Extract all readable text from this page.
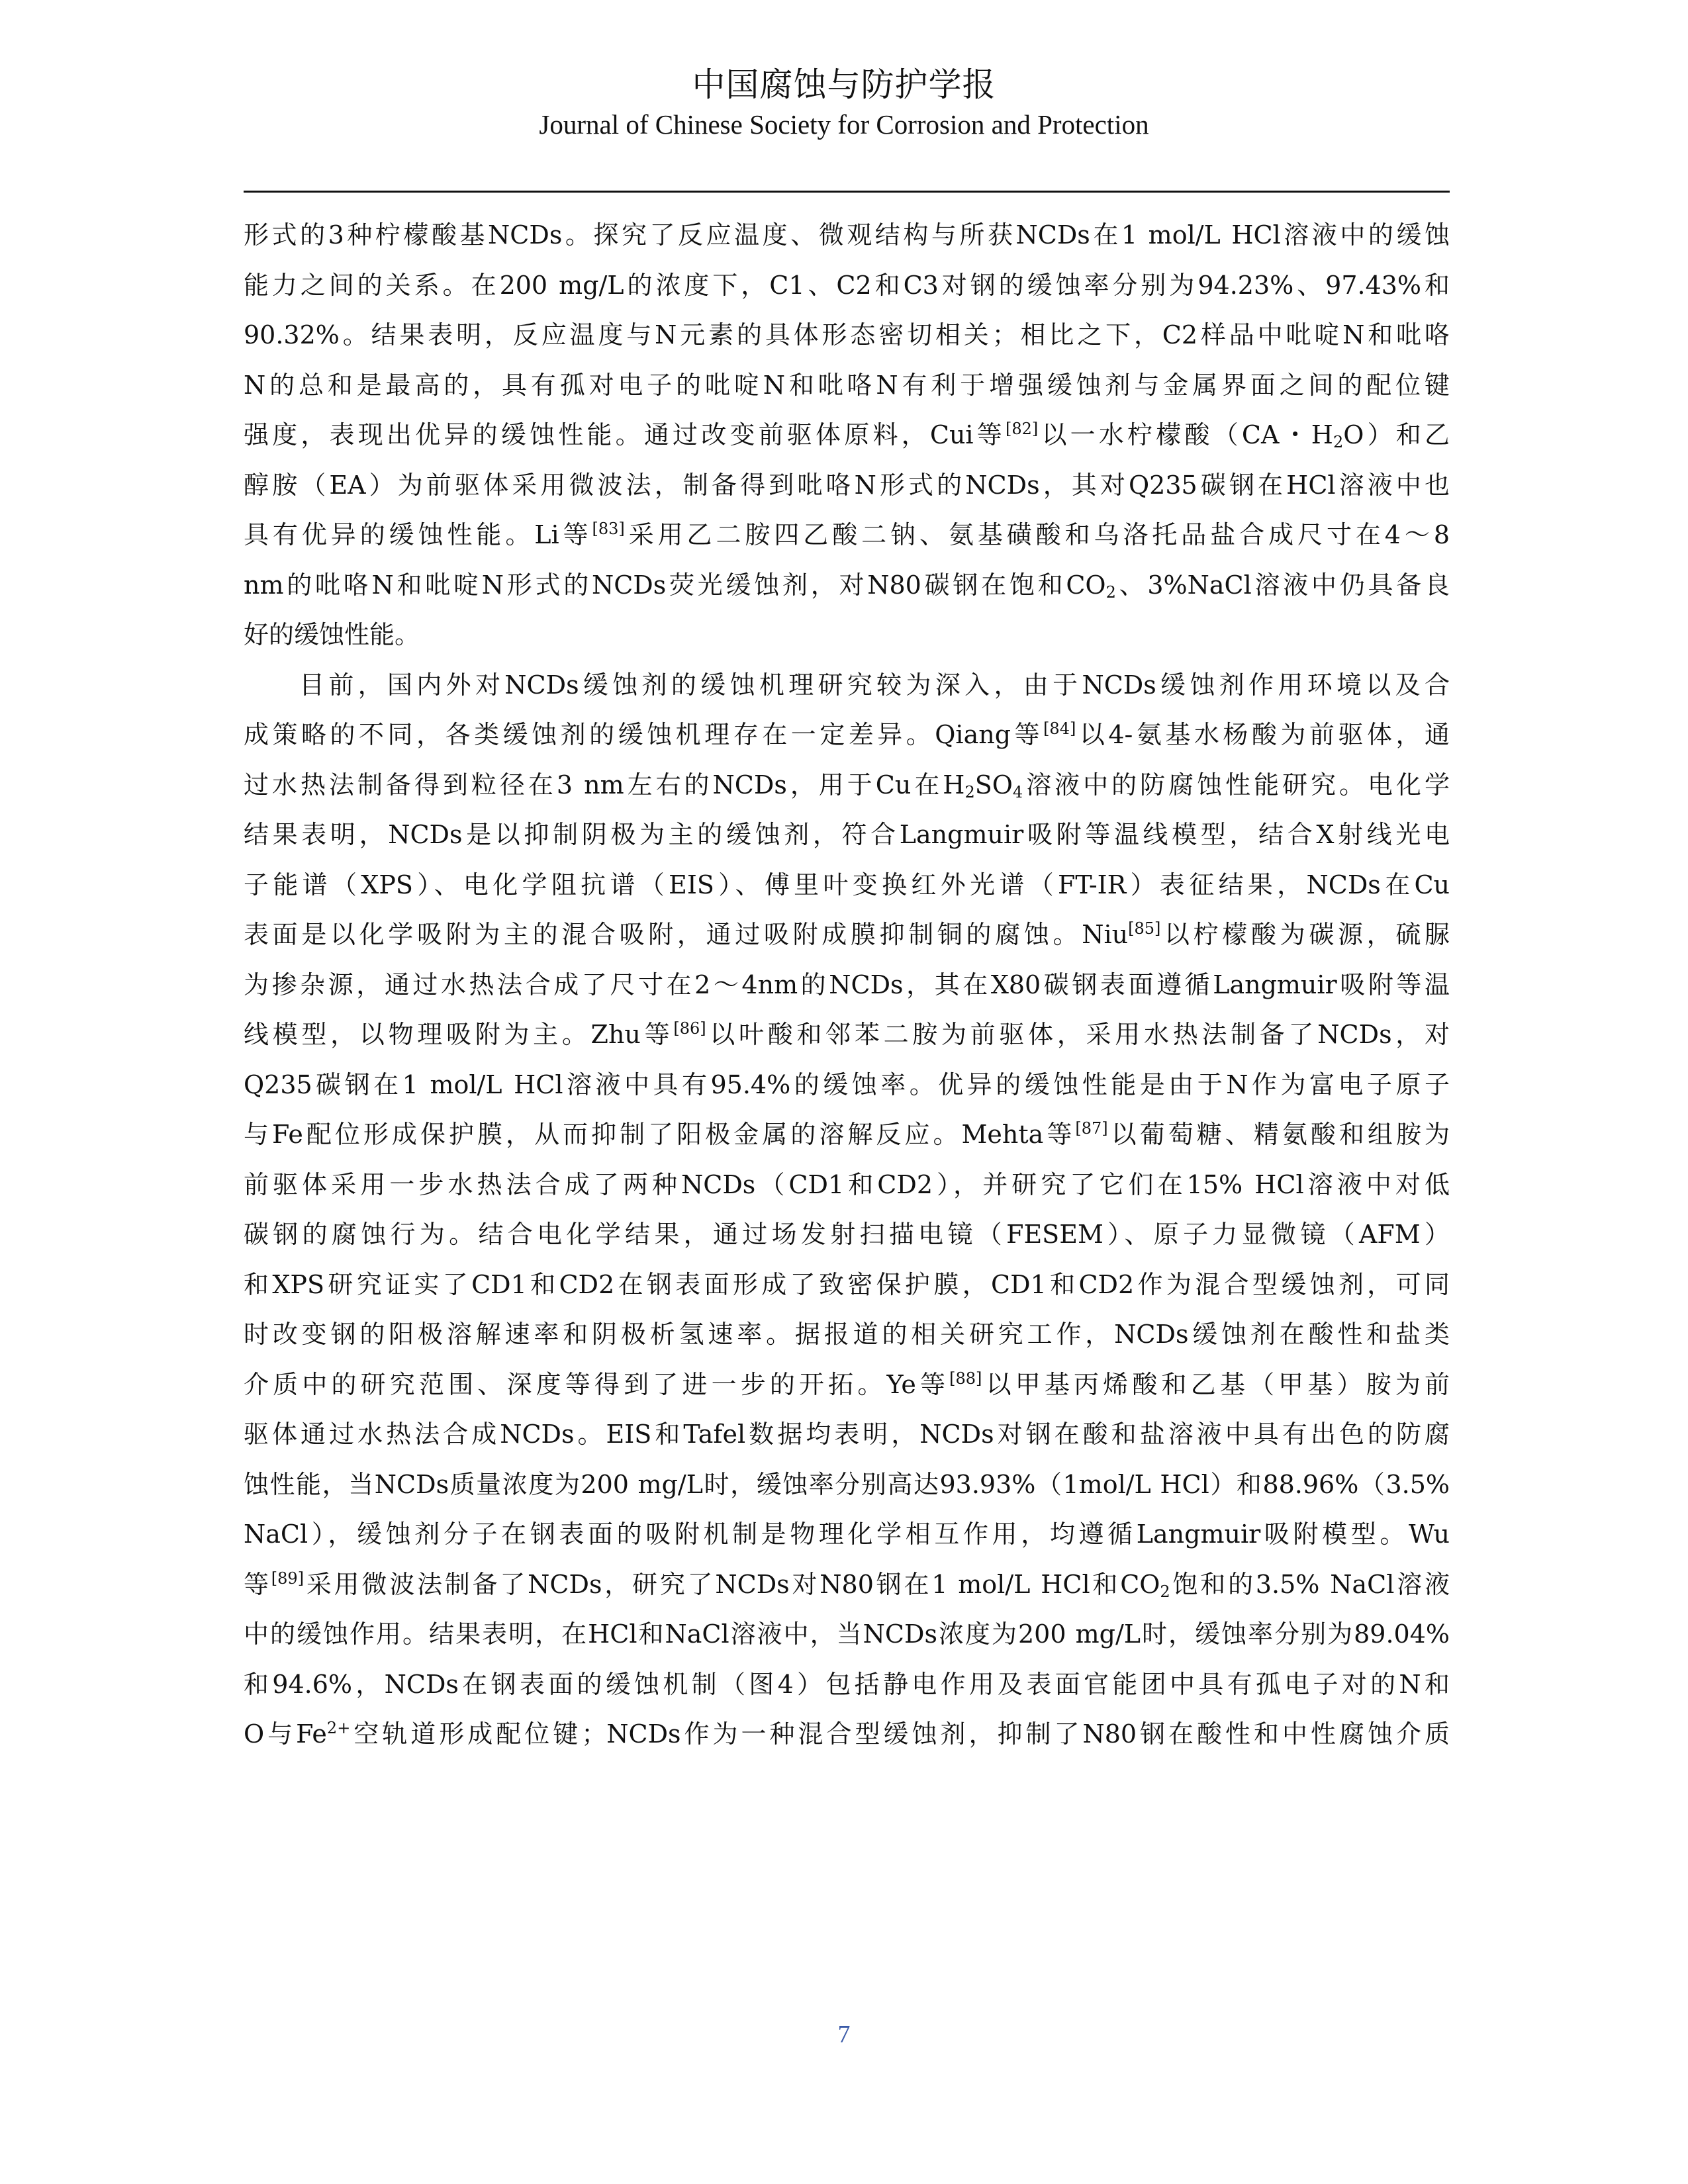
中国腐蚀与防护学报
Journal of Chinese Society for Corrosion and Protection
形式的3种柠檬酸基NCDs。探究了反应温度、微观结构与所获NCDs在1 mol/L HCl溶液中的缓蚀
能力之间的关系。在200 mg/L的浓度下，C1、C2和C3对钢的缓蚀率分别为94.23%、97.43%和
90.32%。结果表明，反应温度与N元素的具体形态密切相关；相比之下，C2样品中吡啶N和吡咯
N的总和是最高的，具有孤对电子的吡啶N和吡咯N有利于增强缓蚀剂与金属界面之间的配位键
强度，表现出优异的缓蚀性能。通过改变前驱体原料，Cui等[82]以一水柠檬酸（CA・$H_2O$）和乙
醇胺（EA）为前驱体采用微波法，制备得到吡咯N形式的NCDs，其对Q235碳钢在HCl溶液中也
具有优异的缓蚀性能。Li等[83]采用乙二胺四乙酸二钠、氨基磺酸和乌洛托品盐合成尺寸在4～8
nm的吡咯N和吡啶N形式的NCDs荧光缓蚀剂，对N80碳钢在饱和$CO_2$、3%NaCl溶液中仍具备良
好的缓蚀性能。
目前，国内外对NCDs缓蚀剂的缓蚀机理研究较为深入，由于NCDs缓蚀剂作用环境以及合
成策略的不同，各类缓蚀剂的缓蚀机理存在一定差异。Qiang等[84]以4-氨基水杨酸为前驱体，通
过水热法制备得到粒径在3 nm左右的NCDs，用于Cu在$H_2SO_4$溶液中的防腐蚀性能研究。电化学
结果表明，NCDs是以抑制阴极为主的缓蚀剂，符合Langmuir吸附等温线模型，结合X射线光电
子能谱（XPS）、电化学阻抗谱（EIS）、傅里叶变换红外光谱（FT-IR）表征结果，NCDs在Cu
表面是以化学吸附为主的混合吸附，通过吸附成膜抑制铜的腐蚀。Niu[85]以柠檬酸为碳源，硫脲
为掺杂源，通过水热法合成了尺寸在2～4nm的NCDs，其在X80碳钢表面遵循Langmuir吸附等温
线模型，以物理吸附为主。Zhu等[86]以叶酸和邻苯二胺为前驱体，采用水热法制备了NCDs，对
Q235碳钢在1 mol/L HCl溶液中具有95.4%的缓蚀率。优异的缓蚀性能是由于N作为富电子原子
与Fe配位形成保护膜，从而抑制了阳极金属的溶解反应。Mehta等[87]以葡萄糖、精氨酸和组胺为
前驱体采用一步水热法合成了两种NCDs（CD1和CD2），并研究了它们在15% HCl溶液中对低
碳钢的腐蚀行为。结合电化学结果，通过场发射扫描电镜（FESEM）、原子力显微镜（AFM）
和XPS研究证实了CD1和CD2在钢表面形成了致密保护膜，CD1和CD2作为混合型缓蚀剂，可同
时改变钢的阳极溶解速率和阴极析氢速率。据报道的相关研究工作，NCDs缓蚀剂在酸性和盐类
介质中的研究范围、深度等得到了进一步的开拓。Ye等[88]以甲基丙烯酸和乙基（甲基）胺为前
驱体通过水热法合成NCDs。EIS和Tafel数据均表明，NCDs对钢在酸和盐溶液中具有出色的防腐
蚀性能，当NCDs质量浓度为200 mg/L时，缓蚀率分别高达93.93%（1mol/L HCl）和88.96%（3.5%
NaCl），缓蚀剂分子在钢表面的吸附机制是物理化学相互作用，均遵循Langmuir吸附模型。Wu
等[89]采用微波法制备了NCDs，研究了NCDs对N80钢在1 mol/L HCl和$CO_2$饱和的3.5% NaCl溶液
中的缓蚀作用。结果表明，在HCl和NaCl溶液中，当NCDs浓度为200 mg/L时，缓蚀率分别为89.04%
和94.6%，NCDs在钢表面的缓蚀机制（图4）包括静电作用及表面官能团中具有孤电子对的N和
O与$Fe^{2+}$空轨道形成配位键；NCDs作为一种混合型缓蚀剂，抑制了N80钢在酸性和中性腐蚀介质
7
